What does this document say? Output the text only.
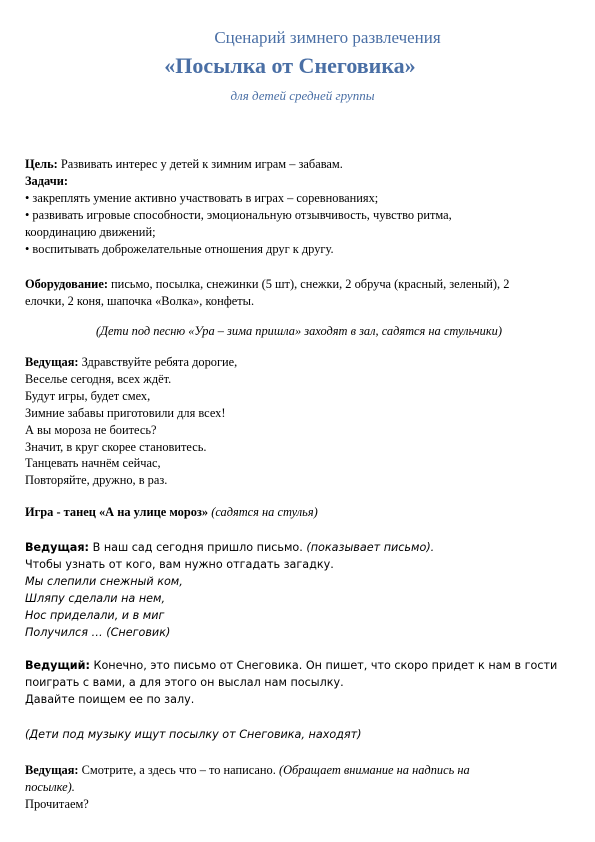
Сценарий зимнего развлечения
«Посылка от Снеговика»
для детей средней группы

Цель: Развивать интерес у детей к зимним играм – забавам.

Задачи:

• закреплять умение активно участвовать в играх – соревнованиях;

• развивать игровые способности, эмоциональную отзывчивость, чувство ритма,

координацию движений;

• воспитывать доброжелательные отношения друг к другу.

Оборудование: письмо, посылка, снежинки (5 шт), снежки, 2 обруча (красный, зеленый), 2

елочки, 2 коня, шапочка «Волка», конфеты.

(Дети под песню «Ура – зима пришла» заходят в зал, садятся на стульчики)

Ведущая: Здравствуйте ребята дорогие,

Веселье сегодня, всех ждёт.

Будут игры, будет смех,

Зимние забавы приготовили для всех!

А вы мороза не боитесь?

Значит, в круг скорее становитесь.

Танцевать начнём сейчас,

Повторяйте, дружно, в раз.

Игра - танец «А на улице мороз» (садятся на стулья)

Ведущая: В наш сад сегодня пришло письмо. (показывает письмо).

Чтобы узнать от кого, вам нужно отгадать загадку.

Мы слепили снежный ком,

Шляпу сделали на нем,

Нос приделали, и в миг

Получился … (Снеговик)

Ведущий: Конечно, это письмо от Снеговика. Он пишет, что скоро придет к нам в гости

поиграть с вами, а для этого он выслал нам посылку.

Давайте поищем ее по залу.

(Дети под музыку ищут посылку от Снеговика, находят)

Ведущая: Смотрите, а здесь что – то написано. (Обращает внимание на надпись на

посылке).

Прочитаем?
